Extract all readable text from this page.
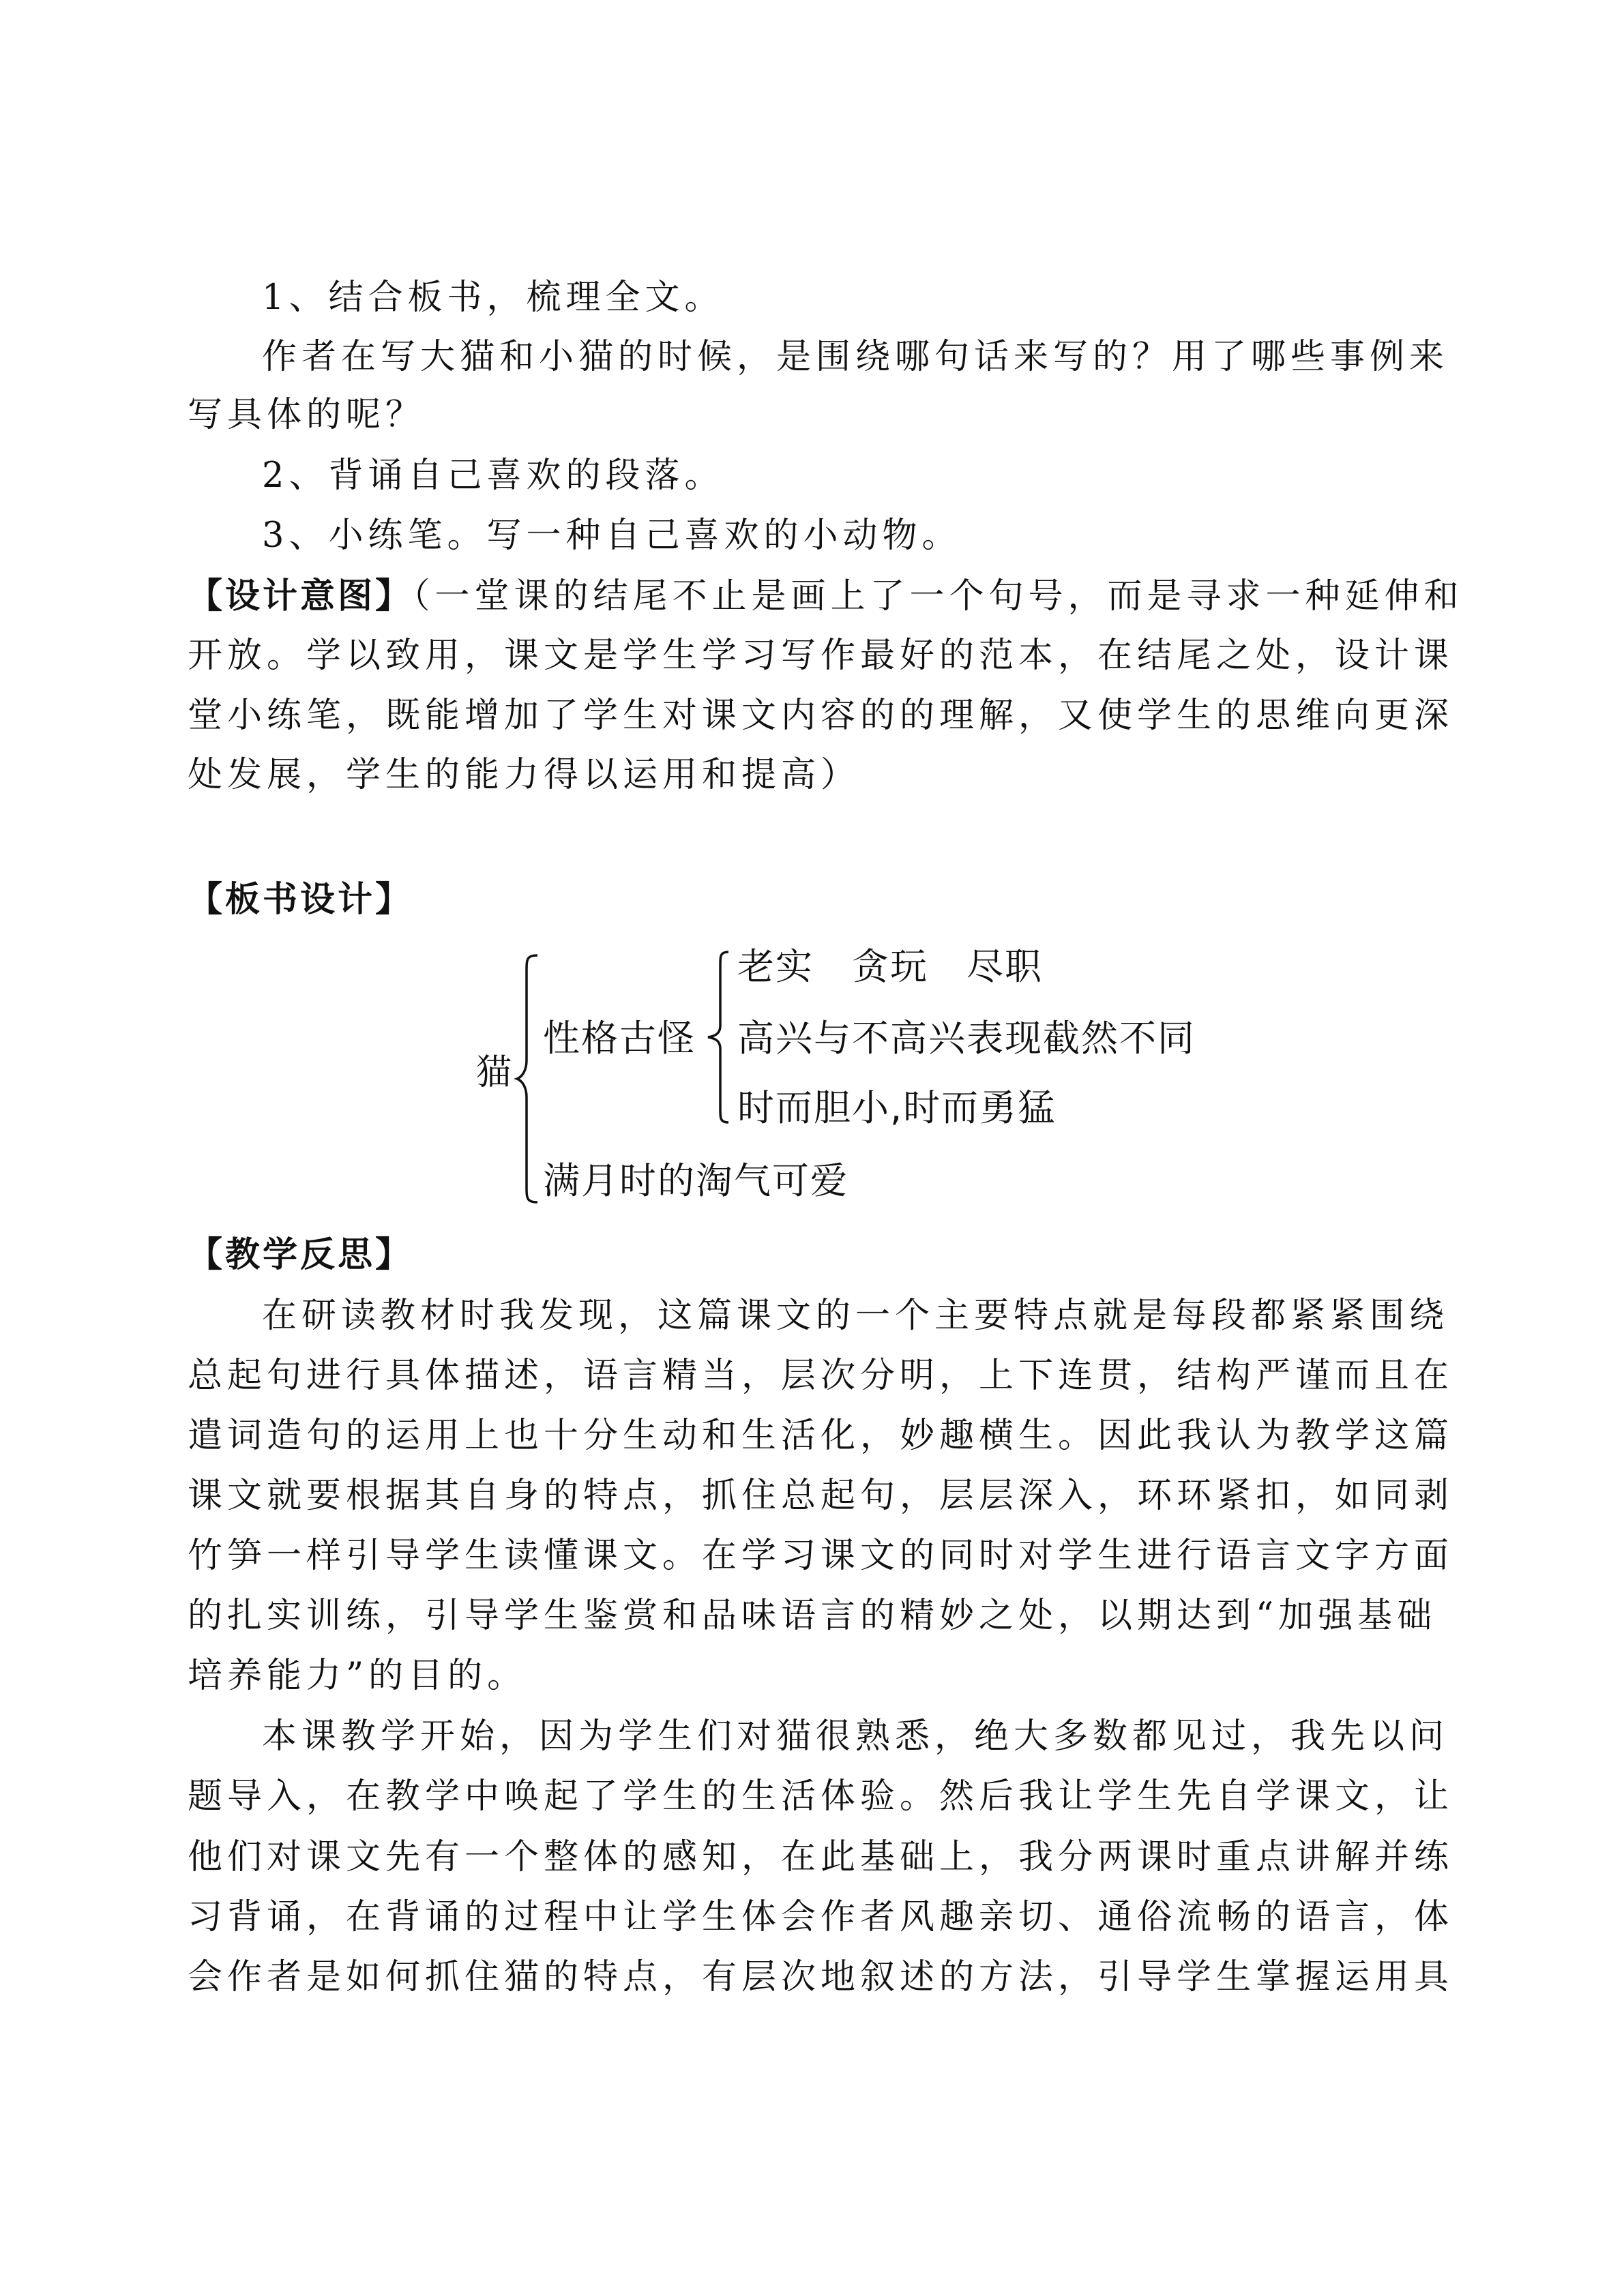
1、结合板书，梳理全文。

作者在写大猫和小猫的时候，是围绕哪句话来写的？用了哪些事例来

写具体的呢？

2、背诵自己喜欢的段落。

3、小练笔。写一种自己喜欢的小动物。

【设计意图】（一堂课的结尾不止是画上了一个句号，而是寻求一种延伸和

开放。学以致用，课文是学生学习写作最好的范本，在结尾之处，设计课

堂小练笔，既能增加了学生对课文内容的的理解，又使学生的思维向更深

处发展，学生的能力得以运用和提高）

【板书设计】

猫
性格古怪
老实　贪玩　尽职
高兴与不高兴表现截然不同
时而胆小,时而勇猛
满月时的淘气可爱

【教学反思】

在研读教材时我发现，这篇课文的一个主要特点就是每段都紧紧围绕

总起句进行具体描述，语言精当，层次分明，上下连贯，结构严谨而且在

遣词造句的运用上也十分生动和生活化，妙趣横生。因此我认为教学这篇

课文就要根据其自身的特点，抓住总起句，层层深入，环环紧扣，如同剥

竹笋一样引导学生读懂课文。在学习课文的同时对学生进行语言文字方面

的扎实训练，引导学生鉴赏和品味语言的精妙之处，以期达到“加强基础

培养能力”的目的。

本课教学开始，因为学生们对猫很熟悉，绝大多数都见过，我先以问

题导入，在教学中唤起了学生的生活体验。然后我让学生先自学课文，让

他们对课文先有一个整体的感知，在此基础上，我分两课时重点讲解并练

习背诵，在背诵的过程中让学生体会作者风趣亲切、通俗流畅的语言，体

会作者是如何抓住猫的特点，有层次地叙述的方法，引导学生掌握运用具
